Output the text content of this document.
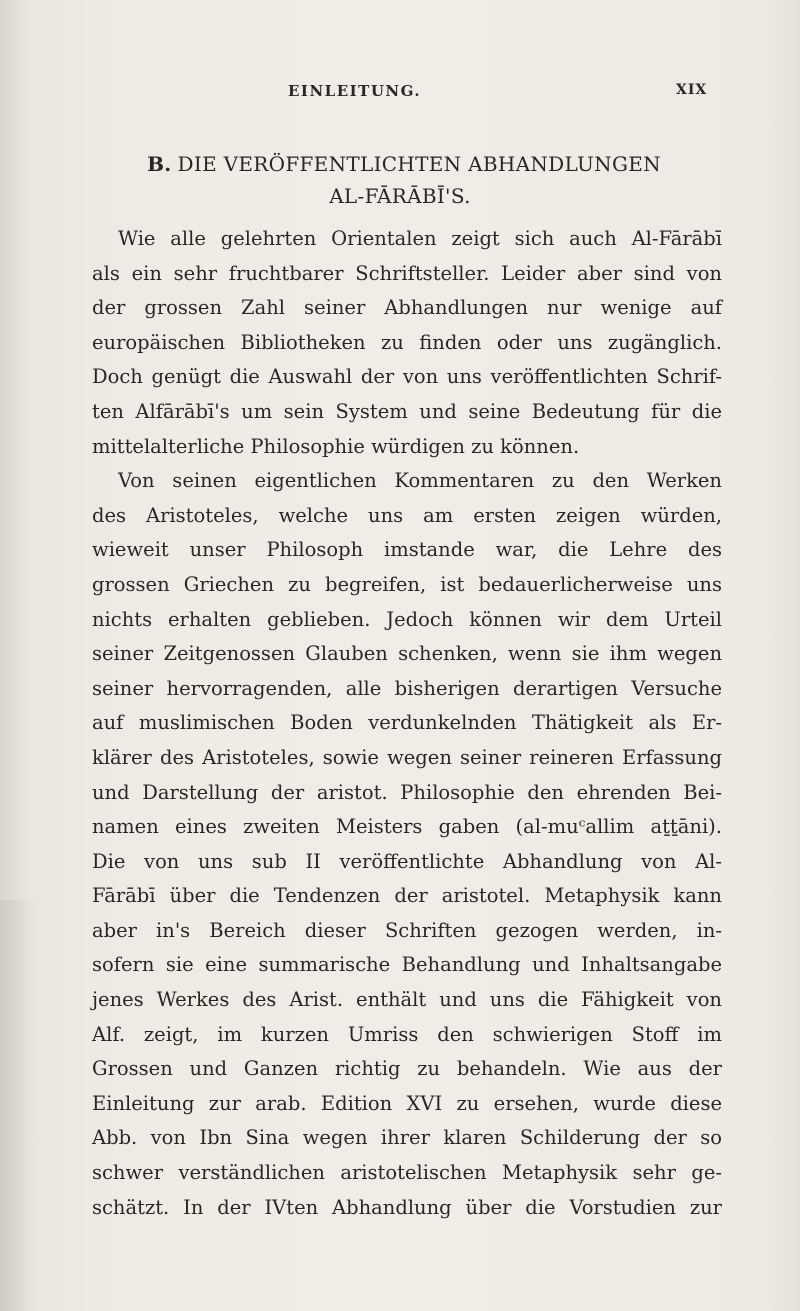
EINLEITUNG.	XIX
B. DIE VERÖFFENTLICHTEN ABHANDLUNGEN
AL-FĀRĀBĪ'S.
Wie alle gelehrten Orientalen zeigt sich auch Al-Fārābī
als ein sehr fruchtbarer Schriftsteller. Leider aber sind von
der grossen Zahl seiner Abhandlungen nur wenige auf
europäischen Bibliotheken zu finden oder uns zugänglich.
Doch genügt die Auswahl der von uns veröffentlichten Schrif-
ten Alfārābī's um sein System und seine Bedeutung für die
mittelalterliche Philosophie würdigen zu können.
Von seinen eigentlichen Kommentaren zu den Werken
des Aristoteles, welche uns am ersten zeigen würden,
wieweit unser Philosoph imstande war, die Lehre des
grossen Griechen zu begreifen, ist bedauerlicherweise uns
nichts erhalten geblieben. Jedoch können wir dem Urteil
seiner Zeitgenossen Glauben schenken, wenn sie ihm wegen
seiner hervorragenden, alle bisherigen derartigen Versuche
auf muslimischen Boden verdunkelnden Thätigkeit als Er-
klärer des Aristoteles, sowie wegen seiner reineren Erfassung
und Darstellung der aristot. Philosophie den ehrenden Bei-
namen eines zweiten Meisters gaben (al-muᶜallim aṯṯāni).
Die von uns sub II veröffentlichte Abhandlung von Al-
Fārābī über die Tendenzen der aristotel. Metaphysik kann
aber in's Bereich dieser Schriften gezogen werden, in-
sofern sie eine summarische Behandlung und Inhaltsangabe
jenes Werkes des Arist. enthält und uns die Fähigkeit von
Alf. zeigt, im kurzen Umriss den schwierigen Stoff im
Grossen und Ganzen richtig zu behandeln. Wie aus der
Einleitung zur arab. Edition XVI zu ersehen, wurde diese
Abb. von Ibn Sina wegen ihrer klaren Schilderung der so
schwer verständlichen aristotelischen Metaphysik sehr ge-
schätzt. In der IVten Abhandlung über die Vorstudien zur
